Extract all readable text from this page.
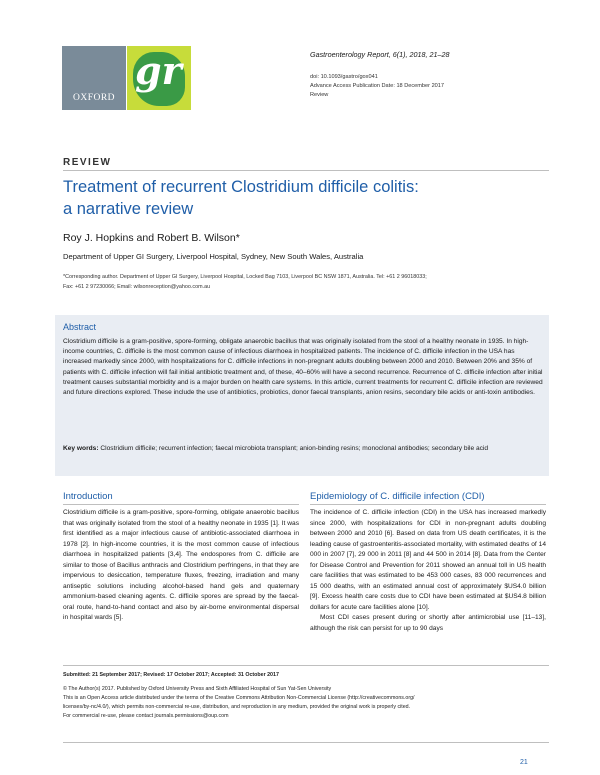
OXFORD
gr	Gastroenterology Report, 6(1), 2018, 21–28
doi: 10.1093/gastro/gox041
Advance Access Publication Date: 18 December 2017
Review
REVIEW
Treatment of recurrent Clostridium difficile colitis:
a narrative review
Roy J. Hopkins and Robert B. Wilson*
Department of Upper GI Surgery, Liverpool Hospital, Sydney, New South Wales, Australia
*Corresponding author. Department of Upper GI Surgery, Liverpool Hospital, Locked Bag 7103, Liverpool BC NSW 1871, Australia. Tel: +61 2 96018033;
Fax: +61 2 97230066; Email: wilsonreception@yahoo.com.au
Abstract
Clostridium difficile is a gram-positive, spore-forming, obligate anaerobic bacillus that was originally isolated from the stool of a healthy neonate in 1935. In high-income countries, C. difficile is the most common cause of infectious diarrhoea in hospitalized patients. The incidence of C. difficile infection in the USA has increased markedly since 2000, with hospitalizations for C. difficile infections in non-pregnant adults doubling between 2000 and 2010. Between 20% and 35% of patients with C. difficile infection will fail initial antibiotic treatment and, of these, 40–60% will have a second recurrence. Recurrence of C. difficile infection after initial treatment causes substantial morbidity and is a major burden on health care systems. In this article, current treatments for recurrent C. difficile infection are reviewed and future directions explored. These include the use of antibiotics, probiotics, donor faecal transplants, anion resins, secondary bile acids or anti-toxin antibodies.
Key words: Clostridium difficile; recurrent infection; faecal microbiota transplant; anion-binding resins; monoclonal antibodies; secondary bile acid
Introduction
Clostridium difficile is a gram-positive, spore-forming, obligate anaerobic bacillus that was originally isolated from the stool of a healthy neonate in 1935 [1]. It was first identified as a major infectious cause of antibiotic-associated diarrhoea in 1978 [2]. In high-income countries, it is the most common cause of infectious diarrhoea in hospitalized patients [3,4]. The endospores from C. difficile are similar to those of Bacillus anthracis and Clostridium perfringens, in that they are impervious to desiccation, temperature fluxes, freezing, irradiation and many antiseptic solutions including alcohol-based hand gels and quaternary ammonium-based cleaning agents. C. difficile spores are spread by the faecal-oral route, hand-to-hand contact and also by air-borne environmental dispersal in hospital wards [5].
Epidemiology of C. difficile infection (CDI)
The incidence of C. difficile infection (CDI) in the USA has increased markedly since 2000, with hospitalizations for CDI in non-pregnant adults doubling between 2000 and 2010 [6]. Based on data from US death certificates, it is the leading cause of gastroenteritis-associated mortality, with estimated deaths of 14 000 in 2007 [7], 29 000 in 2011 [8] and 44 500 in 2014 [8]. Data from the Center for Disease Control and Prevention for 2011 showed an annual toll in US health care facilities that was estimated to be 453 000 cases, 83 000 recurrences and 15 000 deaths, with an estimated annual cost of approximately $US4.0 billion [9]. Excess health care costs due to CDI have been estimated at $US4.8 billion dollars for acute care facilities alone [10].
Most CDI cases present during or shortly after antimicrobial use [11–13], although the risk can persist for up to 90 days
Submitted: 21 September 2017; Revised: 17 October 2017; Accepted: 31 October 2017
© The Author(s) 2017. Published by Oxford University Press and Sixth Affiliated Hospital of Sun Yat-Sen University
This is an Open Access article distributed under the terms of the Creative Commons Attribution Non-Commercial License (http://creativecommons.org/
licenses/by-nc/4.0/), which permits non-commercial re-use, distribution, and reproduction in any medium, provided the original work is properly cited.
For commercial re-use, please contact journals.permissions@oup.com
21
